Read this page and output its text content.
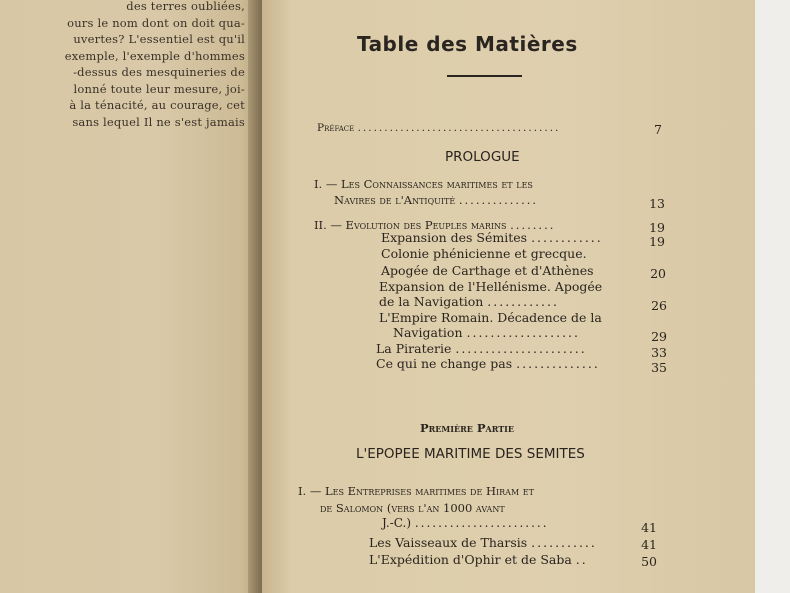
des terres oubliées,
ours le nom dont on doit qua-
uvertes? L'essentiel est qu'il
exemple, l'exemple d'hommes
-dessus des mesquineries de
lonné toute leur mesure, joi-
à la ténacité, au courage, cet
sans lequel Il ne s'est jamais
Table des Matières
Préface ......................................	7
PROLOGUE
I. — Les Connaissances maritimes et les
Navires de l'Antiquité ..............	13
II. — Evolution des Peuples marins ........	19
Expansion des Sémites ............	19
Colonie phénicienne et grecque.
Apogée de Carthage et d'Athènes	20
Expansion de l'Hellénisme. Apogée
de la Navigation ............	26
L'Empire Romain. Décadence de la
Navigation ...................	29
La Piraterie ......................	33
Ce qui ne change pas ..............	35
Première Partie
L'EPOPEE MARITIME DES SEMITES
I. — Les Entreprises maritimes de Hiram et
de Salomon (vers l'an 1000 avant
J.-C.) .......................	41
Les Vaisseaux de Tharsis ...........	41
L'Expédition d'Ophir et de Saba ..	50
